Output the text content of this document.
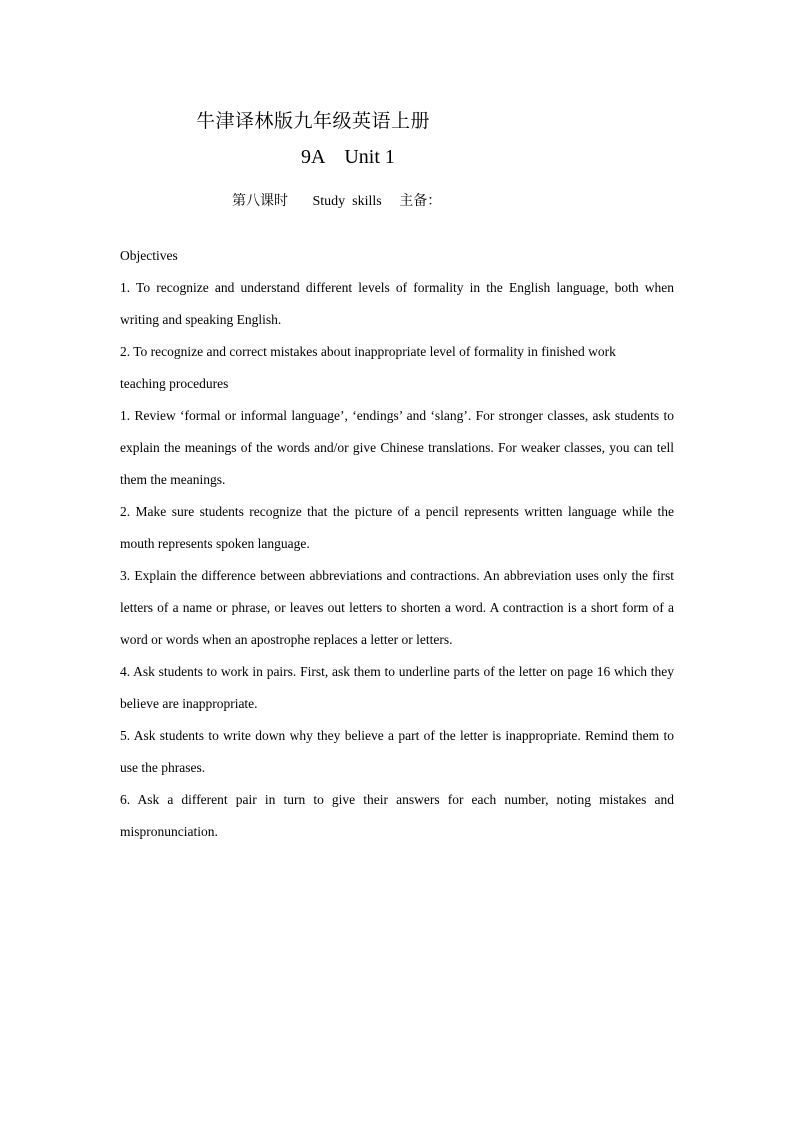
牛津译林版九年级英语上册
9A    Unit 1
第八课时       Study  skills     主备：

Objectives

1. To recognize and understand different levels of formality in the English language, both when writing and speaking English.

2. To recognize and correct mistakes about inappropriate level of formality in finished work

teaching procedures

1. Review ‘formal or informal language’, ‘endings’ and ‘slang’. For stronger classes, ask students to explain the meanings of the words and/or give Chinese translations. For weaker classes, you can tell them the meanings.

2. Make sure students recognize that the picture of a pencil represents written language while the mouth represents spoken language.

3. Explain the difference between abbreviations and contractions. An abbreviation uses only the first letters of a name or phrase, or leaves out letters to shorten a word. A contraction is a short form of a word or words when an apostrophe replaces a letter or letters.

4. Ask students to work in pairs. First, ask them to underline parts of the letter on page 16 which they believe are inappropriate.

5. Ask students to write down why they believe a part of the letter is inappropriate. Remind them to use the phrases.

6. Ask a different pair in turn to give their answers for each number, noting mistakes and mispronunciation.
